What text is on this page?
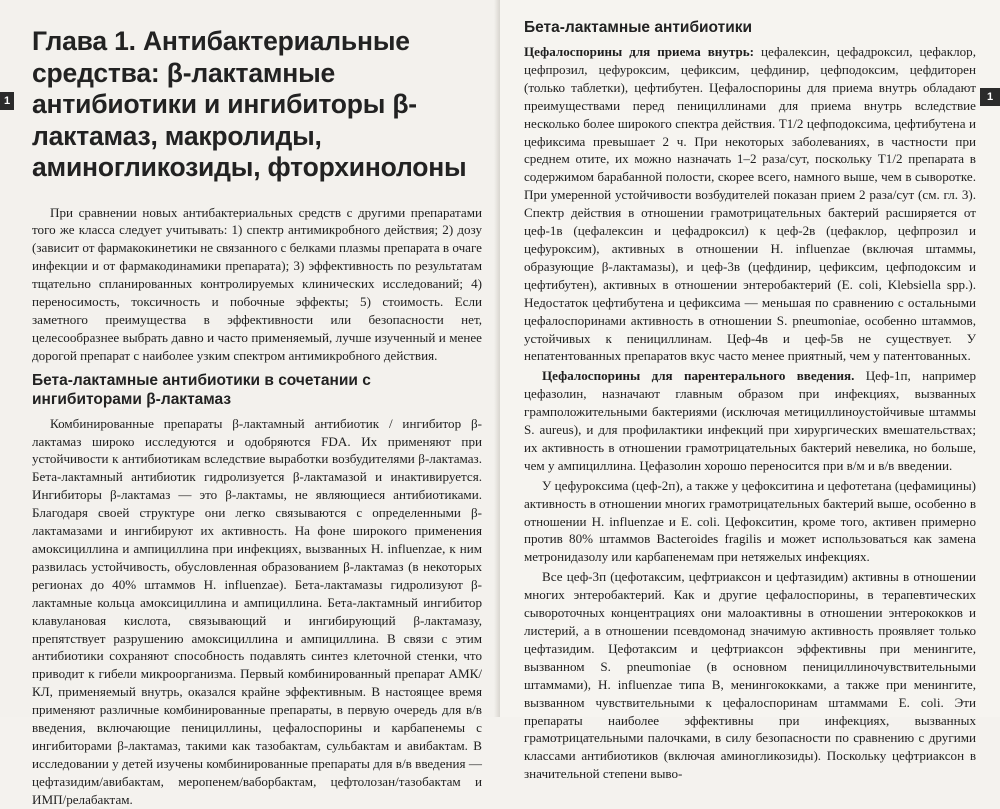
Глава 1. Антибактериальные средства: β-лактамные антибиотики и ингибиторы β-лактамаз, макролиды, аминогликозиды, фторхинолоны

При сравнении новых антибактериальных средств с другими препаратами того же класса следует учитывать: 1) спектр антимикробного действия; 2) дозу (зависит от фармакокинетики не связанного с белками плазмы препарата в очаге инфекции и от фармакодинамики препарата); 3) эффективность по результатам тщательно спланированных контролируемых клинических исследований; 4) переносимость, токсичность и побочные эффекты; 5) стоимость. Если заметного преимущества в эффективности или безопасности нет, целесообразнее выбрать давно и часто применяемый, лучше изученный и менее дорогой препарат с наиболее узким спектром антимикробного действия.

Бета-лактамные антибиотики в сочетании с ингибиторами β-лактамаз

Комбинированные препараты β-лактамный антибиотик / ингибитор β-лактамаз широко исследуются и одобряются FDA. Их применяют при устойчивости к антибиотикам вследствие выработки возбудителями β-лактамаз. Бета-лактамный антибиотик гидролизуется β-лактамазой и инактивируется. Ингибиторы β-лактамаз — это β-лактамы, не являющиеся антибиотиками. Благодаря своей структуре они легко связываются с определенными β-лактамазами и ингибируют их активность. На фоне широкого применения амоксициллина и ампициллина при инфекциях, вызванных H. influenzae, к ним развилась устойчивость, обусловленная образованием β-лактамаз (в некоторых регионах до 40% штаммов H. influenzae). Бета-лактамазы гидролизуют β-лактамные кольца амоксициллина и ампициллина. Бета-лактамный ингибитор клавулановая кислота, связывающий и ингибирующий β-лактамазу, препятствует разрушению амоксициллина и ампициллина. В связи с этим антибиотики сохраняют способность подавлять синтез клеточной стенки, что приводит к гибели микроорганизма. Первый комбинированный препарат АМК/КЛ, применяемый внутрь, оказался крайне эффективным. В настоящее время применяют различные комбинированные препараты, в первую очередь для в/в введения, включающие пенициллины, цефалоспорины и карбапенемы с ингибиторами β-лактамаз, такими как тазобактам, сульбактам и авибактам. В исследовании у детей изучены комбинированные препараты для в/в введения — цефтазидим/авибактам, меропенем/ваборбактам, цефтолозан/тазобактам и ИМП/релабактам.

Бета-лактамные антибиотики

Цефалоспорины для приема внутрь: цефалексин, цефадроксил, цефаклор, цефпрозил, цефуроксим, цефиксим, цефдинир, цефподоксим, цефдиторен (только таблетки), цефтибутен. Цефалоспорины для приема внутрь обладают преимуществами перед пенициллинами для приема внутрь вследствие несколько более широкого спектра действия. T1/2 цефподоксима, цефтибутена и цефиксима превышает 2 ч. При некоторых заболеваниях, в частности при среднем отите, их можно назначать 1–2 раза/сут, поскольку T1/2 препарата в содержимом барабанной полости, скорее всего, намного выше, чем в сыворотке. При умеренной устойчивости возбудителей показан прием 2 раза/сут (см. гл. 3). Спектр действия в отношении грамотрицательных бактерий расширяется от цеф-1в (цефалексин и цефадроксил) к цеф-2в (цефаклор, цефпрозил и цефуроксим), активных в отношении H. influenzae (включая штаммы, образующие β-лактамазы), и цеф-3в (цефдинир, цефиксим, цефподоксим и цефтибутен), активных в отношении энтеробактерий (E. coli, Klebsiella spp.). Недостаток цефтибутена и цефиксима — меньшая по сравнению с остальными цефалоспоринами активность в отношении S. pneumoniae, особенно штаммов, устойчивых к пенициллинам. Цеф-4в и цеф-5в не существует. У непатентованных препаратов вкус часто менее приятный, чем у патентованных.

Цефалоспорины для парентерального введения. Цеф-1п, например цефазолин, назначают главным образом при инфекциях, вызванных грамположительными бактериями (исключая метициллиноустойчивые штаммы S. aureus), и для профилактики инфекций при хирургических вмешательствах; их активность в отношении грамотрицательных бактерий невелика, но больше, чем у ампициллина. Цефазолин хорошо переносится при в/м и в/в введении.

У цефуроксима (цеф-2п), а также у цефокситина и цефотетана (цефамицины) активность в отношении многих грамотрицательных бактерий выше, особенно в отношении H. influenzae и E. coli. Цефокситин, кроме того, активен примерно против 80% штаммов Bacteroides fragilis и может использоваться как замена метронидазолу или карбапенемам при нетяжелых инфекциях.

Все цеф-3п (цефотаксим, цефтриаксон и цефтазидим) активны в отношении многих энтеробактерий. Как и другие цефалоспорины, в терапевтических сывороточных концентрациях они малоактивны в отношении энтерококков и листерий, а в отношении псевдомонад значимую активность проявляет только цефтазидим. Цефотаксим и цефтриаксон эффективны при менингите, вызванном S. pneumoniae (в основном пенициллиночувствительными штаммами), H. influenzae типа B, менингококками, а также при менингите, вызванном чувствительными к цефалоспоринам штаммами E. coli. Эти препараты наиболее эффективны при инфекциях, вызванных грамотрицательными палочками, в силу безопасности по сравнению с другими классами антибиотиков (включая аминогликозиды). Поскольку цефтриаксон в значительной степени выво-

1	1
